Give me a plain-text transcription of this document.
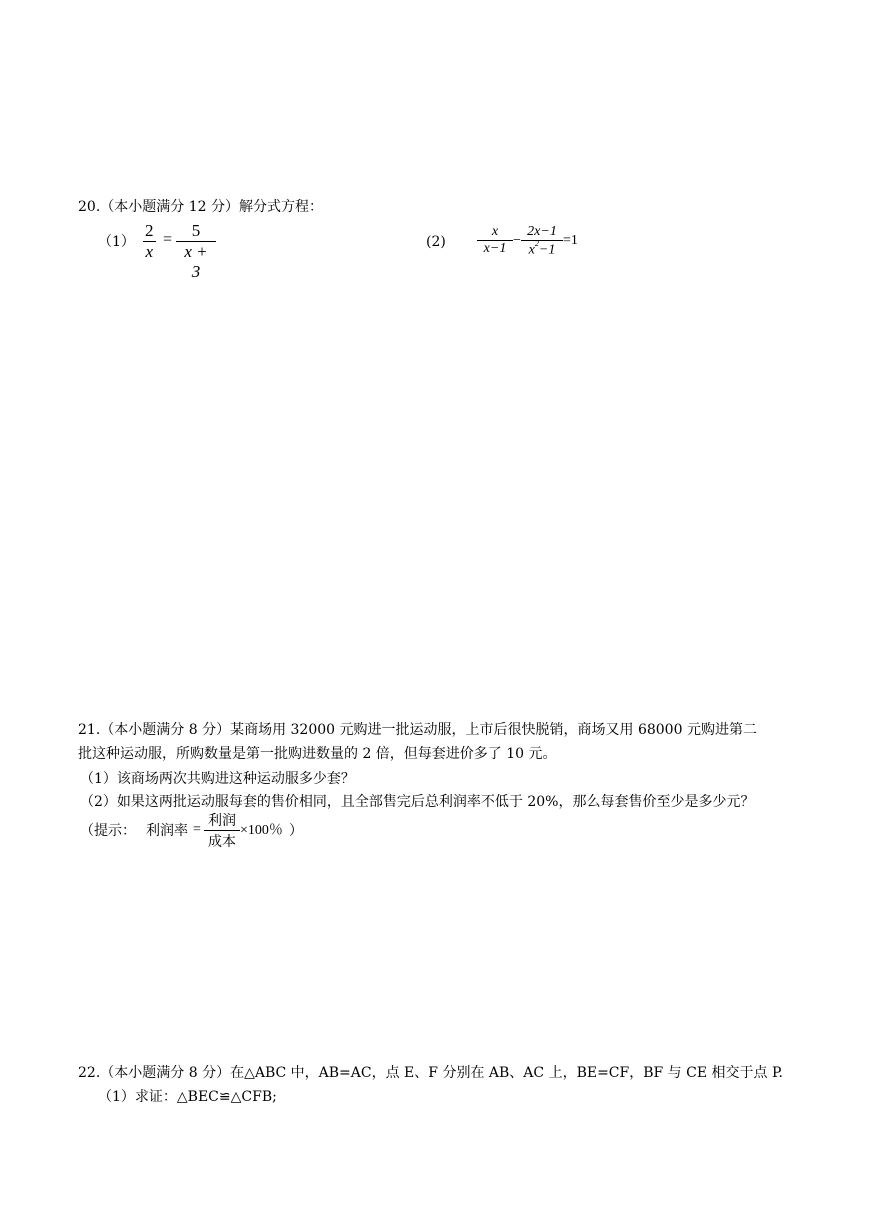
20.（本小题满分 12 分）解分式方程：
（1）
2
x
=	5
x + 3
(2)
x
x−1
−
2x−1
$x^2-1$
=1
21.（本小题满分 8 分）某商场用 32000 元购进一批运动服，上市后很快脱销，商场又用 68000 元购进第二
批这种运动服，所购数量是第一批购进数量的 2 倍，但每套进价多了 10 元。
（1）该商场两次共购进这种运动服多少套？
（2）如果这两批运动服每套的售价相同，且全部售完后总利润率不低于 20%，那么每套售价至少是多少元？
（提示： 利润率 =
利润
成本
×100％ ）
22.（本小题满分 8 分）在△ABC 中，AB=AC，点 E、F 分别在 AB、AC 上，BE=CF，BF 与 CE 相交于点 P.
（1）求证：△BEC≌△CFB;
